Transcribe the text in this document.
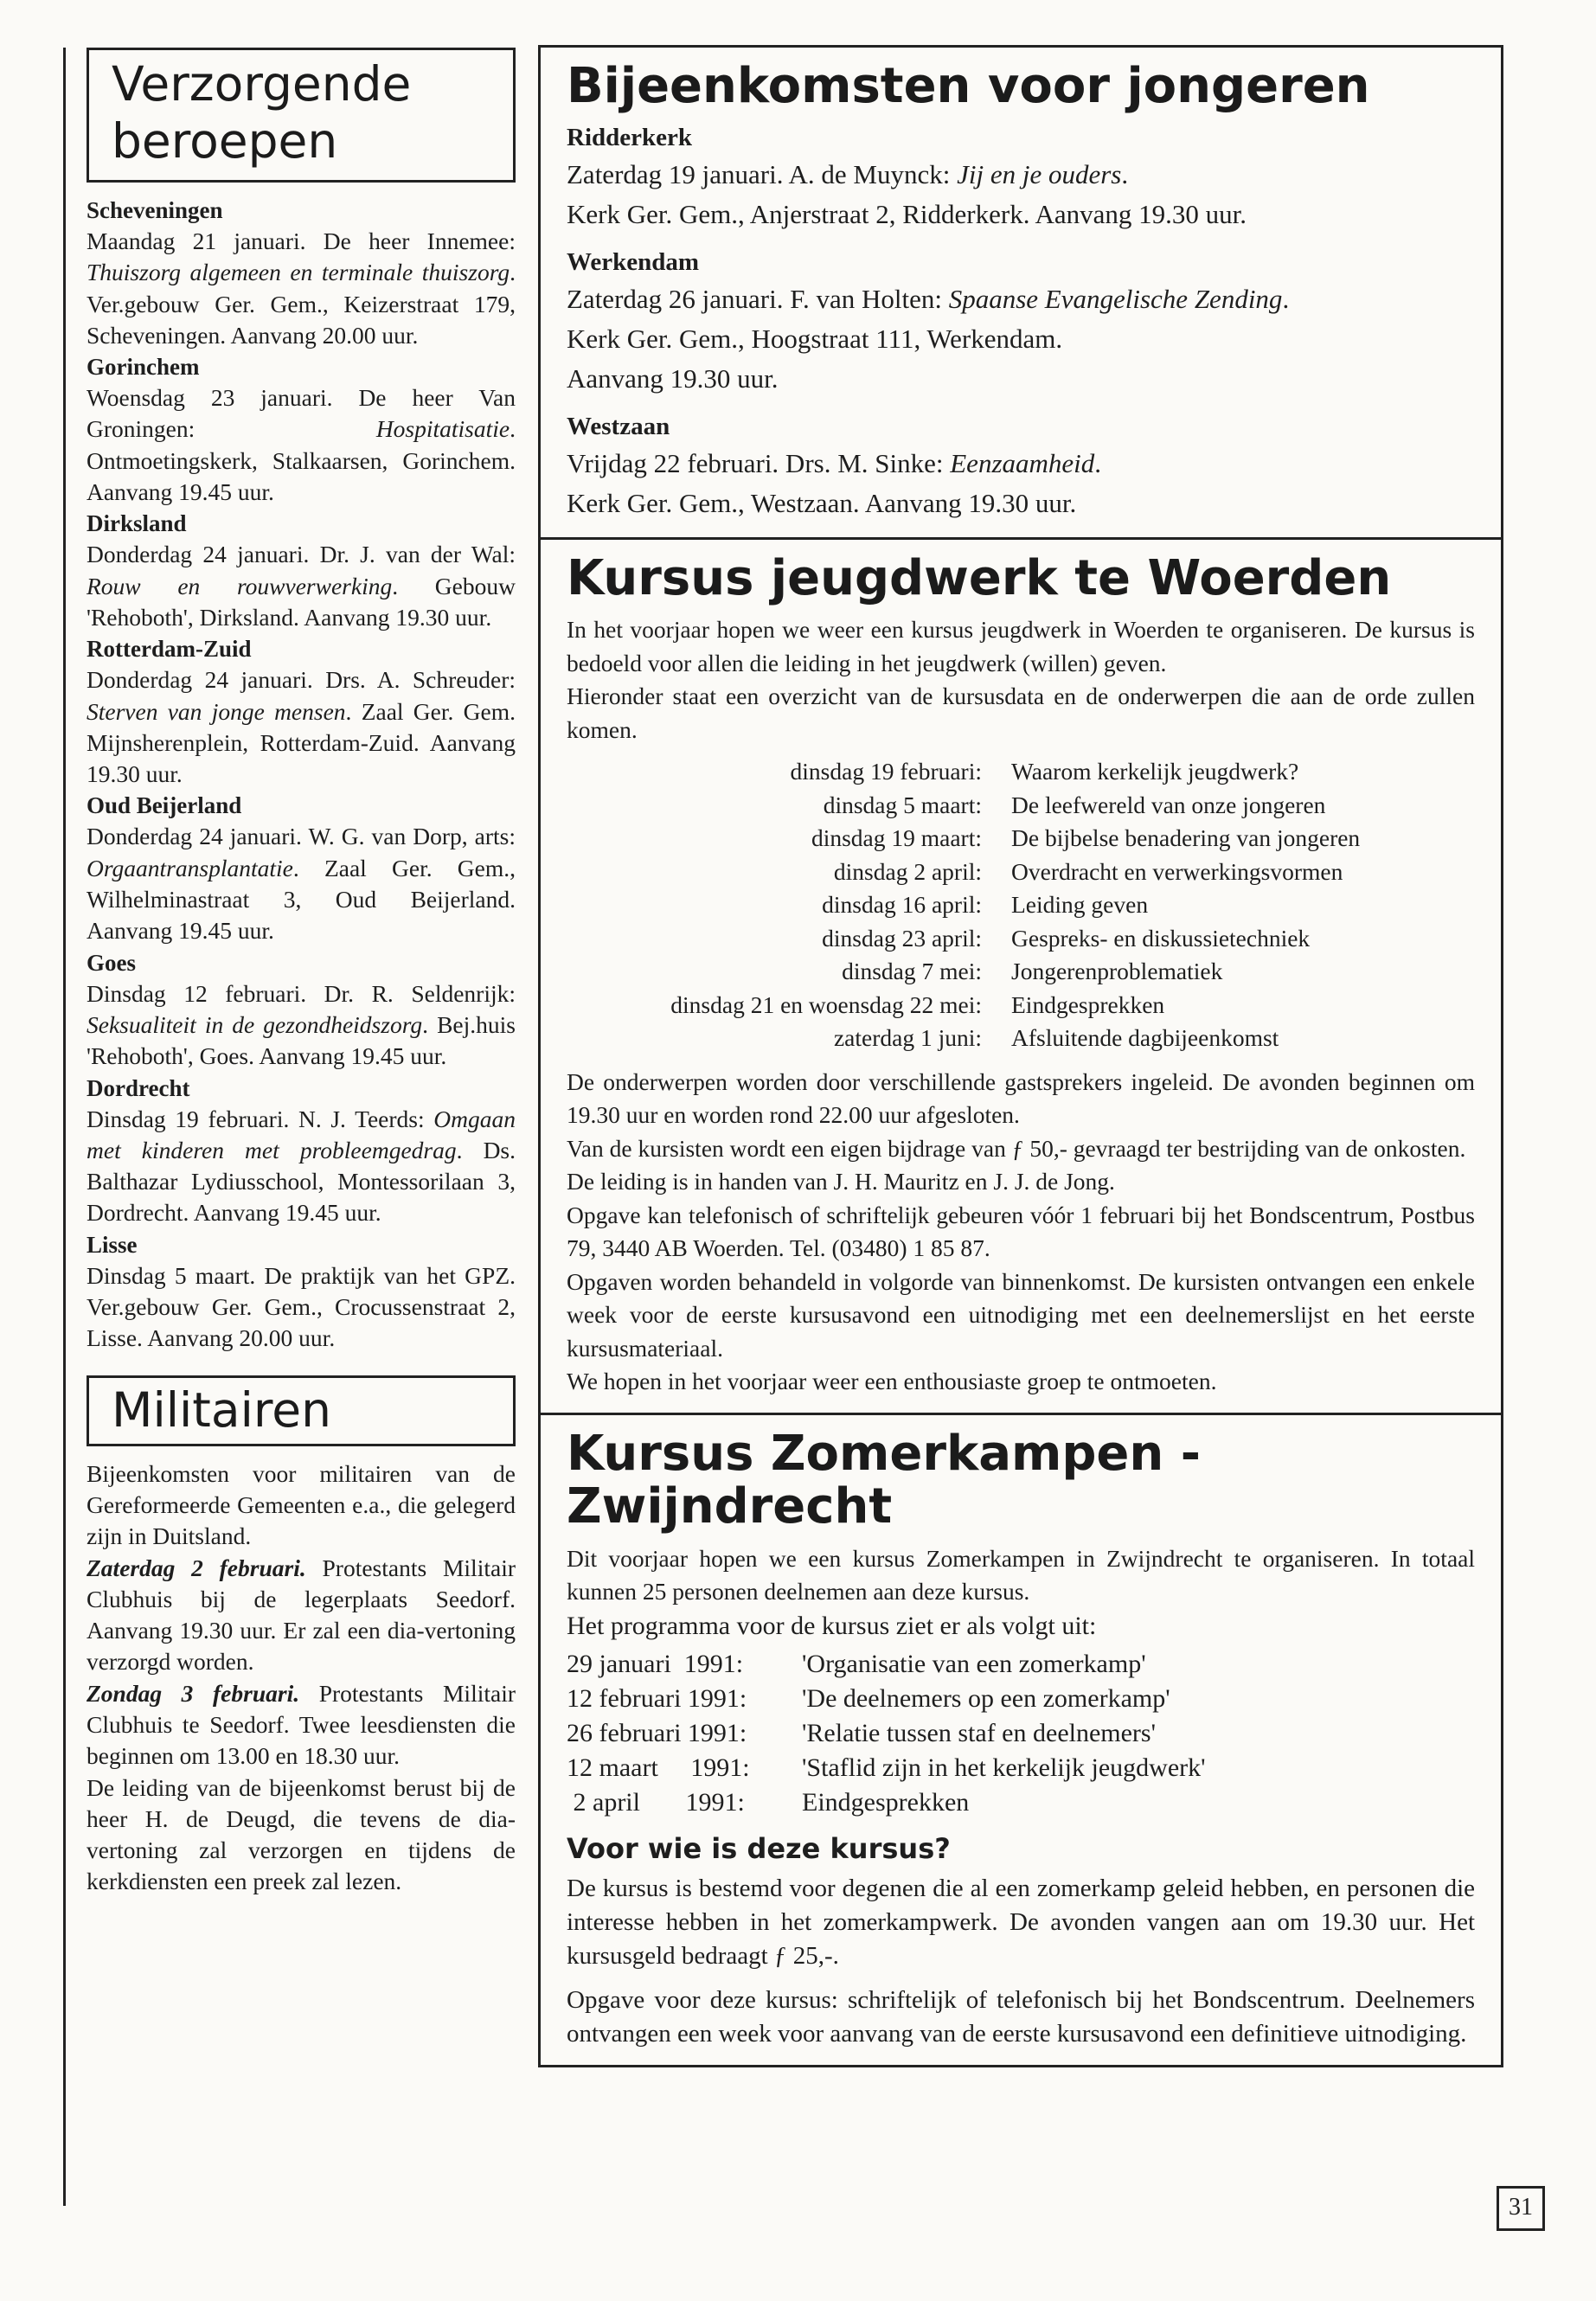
Verzorgende beroepen

Scheveningen

Maandag 21 januari. De heer Innemee: Thuiszorg algemeen en terminale thuiszorg. Ver.gebouw Ger. Gem., Keizerstraat 179, Scheveningen. Aanvang 20.00 uur.

Gorinchem

Woensdag 23 januari. De heer Van Groningen: Hospitatisatie. Ontmoetingskerk, Stalkaarsen, Gorinchem. Aanvang 19.45 uur.

Dirksland

Donderdag 24 januari. Dr. J. van der Wal: Rouw en rouwverwerking. Gebouw 'Rehoboth', Dirksland. Aanvang 19.30 uur.

Rotterdam-Zuid

Donderdag 24 januari. Drs. A. Schreuder: Sterven van jonge mensen. Zaal Ger. Gem. Mijnsherenplein, Rotterdam-Zuid. Aanvang 19.30 uur.

Oud Beijerland

Donderdag 24 januari. W. G. van Dorp, arts: Orgaantransplantatie. Zaal Ger. Gem., Wilhelminastraat 3, Oud Beijerland. Aanvang 19.45 uur.

Goes

Dinsdag 12 februari. Dr. R. Seldenrijk: Seksualiteit in de gezondheidszorg. Bej.huis 'Rehoboth', Goes. Aanvang 19.45 uur.

Dordrecht

Dinsdag 19 februari. N. J. Teerds: Omgaan met kinderen met probleemgedrag. Ds. Balthazar Lydiusschool, Montessorilaan 3, Dordrecht. Aanvang 19.45 uur.

Lisse

Dinsdag 5 maart. De praktijk van het GPZ. Ver.gebouw Ger. Gem., Crocussenstraat 2, Lisse. Aanvang 20.00 uur.

Militairen

Bijeenkomsten voor militairen van de Gereformeerde Gemeenten e.a., die gelegerd zijn in Duitsland.

Zaterdag 2 februari. Protestants Militair Clubhuis bij de legerplaats Seedorf. Aanvang 19.30 uur. Er zal een dia-vertoning verzorgd worden.

Zondag 3 februari. Protestants Militair Clubhuis te Seedorf. Twee leesdiensten die beginnen om 13.00 en 18.30 uur.

De leiding van de bijeenkomst berust bij de heer H. de Deugd, die tevens de dia-vertoning zal verzorgen en tijdens de kerkdiensten een preek zal lezen.

Bijeenkomsten voor jongeren
Ridderkerk

Zaterdag 19 januari. A. de Muynck: Jij en je ouders.

Kerk Ger. Gem., Anjerstraat 2, Ridderkerk. Aanvang 19.30 uur.

Werkendam

Zaterdag 26 januari. F. van Holten: Spaanse Evangelische Zending.

Kerk Ger. Gem., Hoogstraat 111, Werkendam.

Aanvang 19.30 uur.

Westzaan

Vrijdag 22 februari. Drs. M. Sinke: Eenzaamheid.

Kerk Ger. Gem., Westzaan. Aanvang 19.30 uur.

Kursus jeugdwerk te Woerden

In het voorjaar hopen we weer een kursus jeugdwerk in Woerden te organiseren. De kursus is bedoeld voor allen die leiding in het jeugdwerk (willen) geven.

Hieronder staat een overzicht van de kursusdata en de onderwerpen die aan de orde zullen komen.

dinsdag 19 februari: Waarom kerkelijk jeugdwerk?
dinsdag 5 maart: De leefwereld van onze jongeren
dinsdag 19 maart: De bijbelse benadering van jongeren
dinsdag 2 april: Overdracht en verwerkingsvormen
dinsdag 16 april: Leiding geven
dinsdag 23 april: Gespreks- en diskussietechniek
dinsdag 7 mei: Jongerenproblematiek
dinsdag 21 en woensdag 22 mei: Eindgesprekken
zaterdag 1 juni: Afsluitende dagbijeenkomst

De onderwerpen worden door verschillende gastsprekers ingeleid. De avonden beginnen om 19.30 uur en worden rond 22.00 uur afgesloten.

Van de kursisten wordt een eigen bijdrage van ƒ 50,- gevraagd ter bestrijding van de onkosten.

De leiding is in handen van J. H. Mauritz en J. J. de Jong.

Opgave kan telefonisch of schriftelijk gebeuren vóór 1 februari bij het Bondscentrum, Postbus 79, 3440 AB Woerden. Tel. (03480) 1 85 87.

Opgaven worden behandeld in volgorde van binnenkomst. De kursisten ontvangen een enkele week voor de eerste kursusavond een uitnodiging met een deelnemerslijst en het eerste kursusmateriaal.

We hopen in het voorjaar weer een enthousiaste groep te ontmoeten.

Kursus Zomerkampen - Zwijndrecht

Dit voorjaar hopen we een kursus Zomerkampen in Zwijndrecht te organiseren. In totaal kunnen 25 personen deelnemen aan deze kursus.

Het programma voor de kursus ziet er als volgt uit:

29 januari  1991:	'Organisatie van een zomerkamp'
12 februari 1991:	'De deelnemers op een zomerkamp'
26 februari 1991:	'Relatie tussen staf en deelnemers'
12 maart     1991:	'Staflid zijn in het kerkelijk jeugdwerk'
2 april       1991:	Eindgesprekken
Voor wie is deze kursus?

De kursus is bestemd voor degenen die al een zomerkamp geleid hebben, en personen die interesse hebben in het zomerkampwerk. De avonden vangen aan om 19.30 uur. Het kursusgeld bedraagt ƒ 25,-.

Opgave voor deze kursus: schriftelijk of telefonisch bij het Bondscentrum. Deelnemers ontvangen een week voor aanvang van de eerste kursusavond een definitieve uitnodiging.

31
